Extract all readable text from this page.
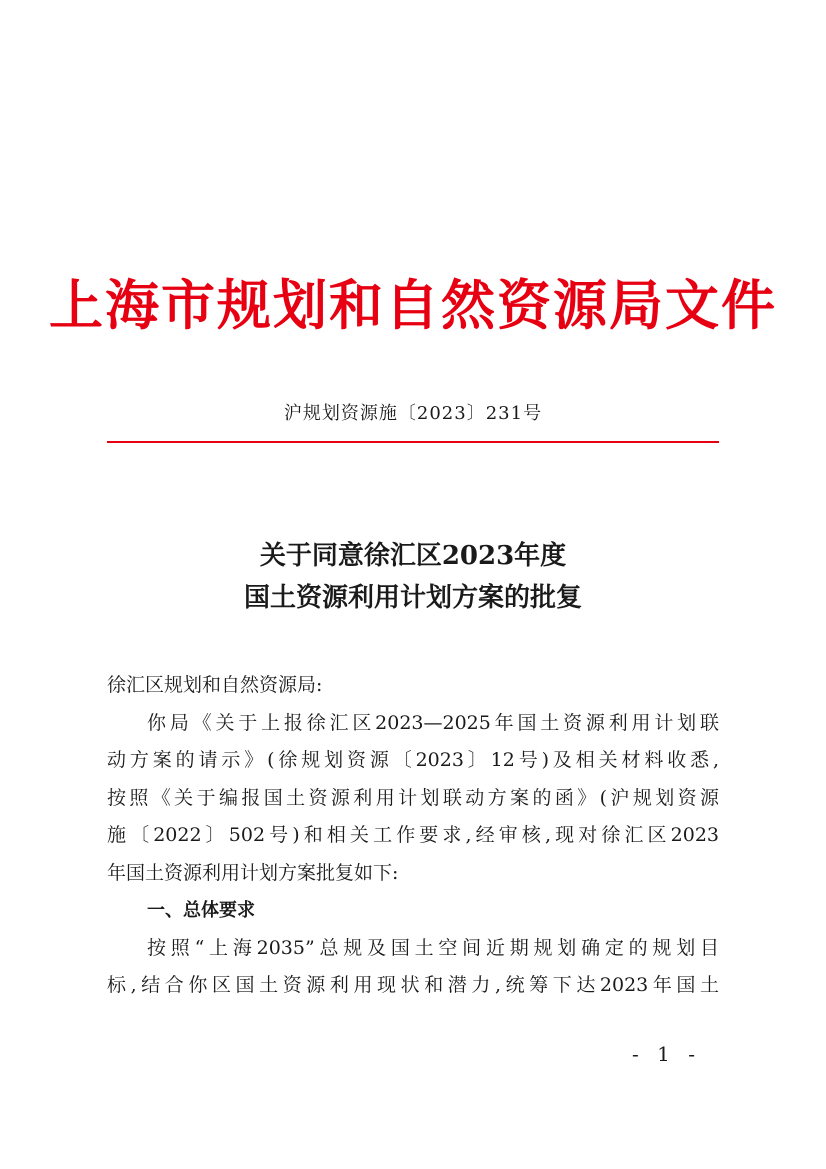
上海市规划和自然资源局文件
沪规划资源施〔2023〕231号
关于同意徐汇区2023年度
国土资源利用计划方案的批复
徐汇区规划和自然资源局:
你局《关于上报徐汇区2023—2025年国土资源利用计划联
动方案的请示》(徐规划资源〔2023〕12号)及相关材料收悉,
按照《关于编报国土资源利用计划联动方案的函》(沪规划资源
施〔2022〕502号)和相关工作要求,经审核,现对徐汇区2023
年国土资源利用计划方案批复如下:
一、总体要求
按照“上海2035”总规及国土空间近期规划确定的规划目
标,结合你区国土资源利用现状和潜力,统筹下达2023年国土
- 1 -
